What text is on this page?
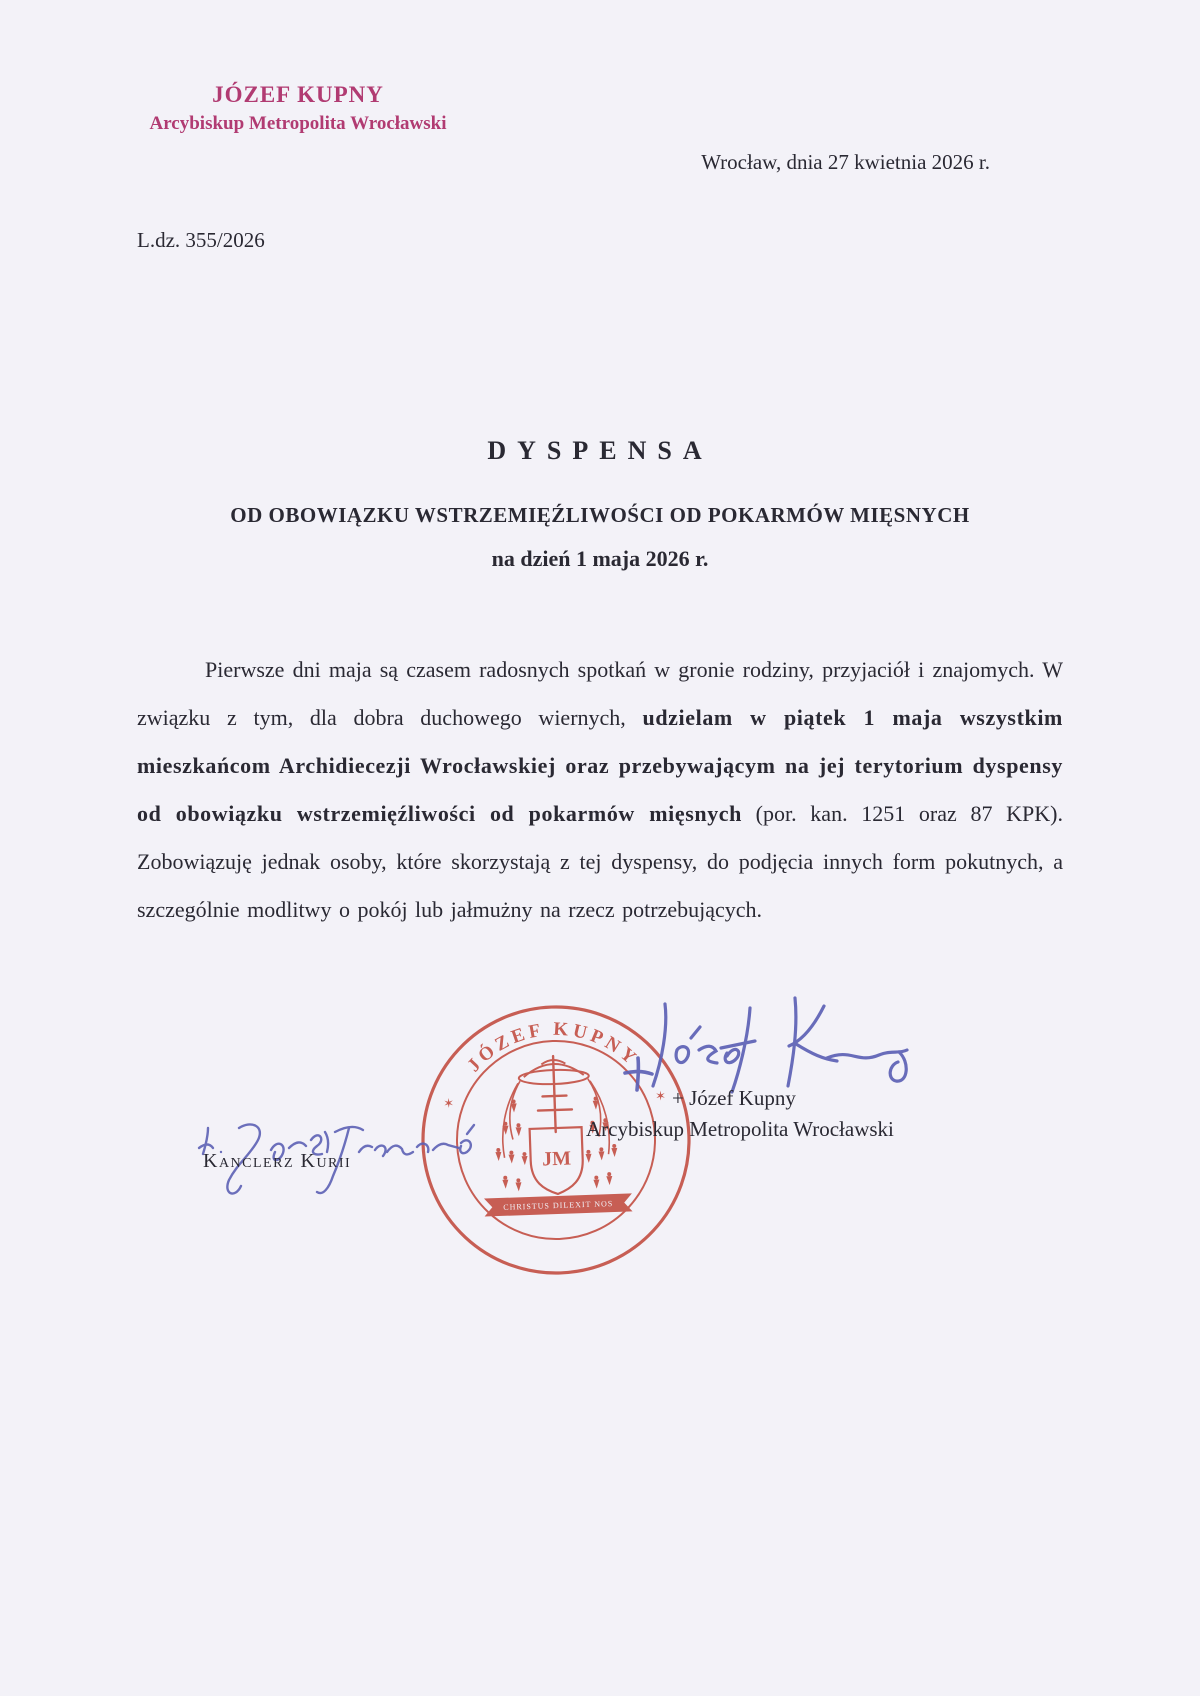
JÓZEF KUPNY
Arcybiskup Metropolita Wrocławski
Wrocław, dnia 27 kwietnia 2026 r.
L.dz. 355/2026
DYSPENSA
OD OBOWIĄZKU WSTRZEMIĘŹLIWOŚCI OD POKARMÓW MIĘSNYCH
na dzień 1 maja 2026 r.
Pierwsze dni maja są czasem radosnych spotkań w gronie rodziny, przyjaciół i znajomych. W związku z tym, dla dobra duchowego wiernych, udzielam w piątek 1 maja wszystkim mieszkańcom Archidiecezji Wrocławskiej oraz przebywającym na jej terytorium dyspensy od obowiązku wstrzemięźliwości od pokarmów mięsnych (por. kan. 1251 oraz 87 KPK). Zobowiązuję jednak osoby, które skorzystają z tej dyspensy, do podjęcia innych form pokutnych, a szczególnie modlitwy o pokój lub jałmużny na rzecz potrzebujących.
JÓZEF KUPNY
✶	✶
JM
CHRISTUS DILEXIT NOS
+ Józef Kupny
Arcybiskup Metropolita Wrocławski
Kanclerz Kurii
